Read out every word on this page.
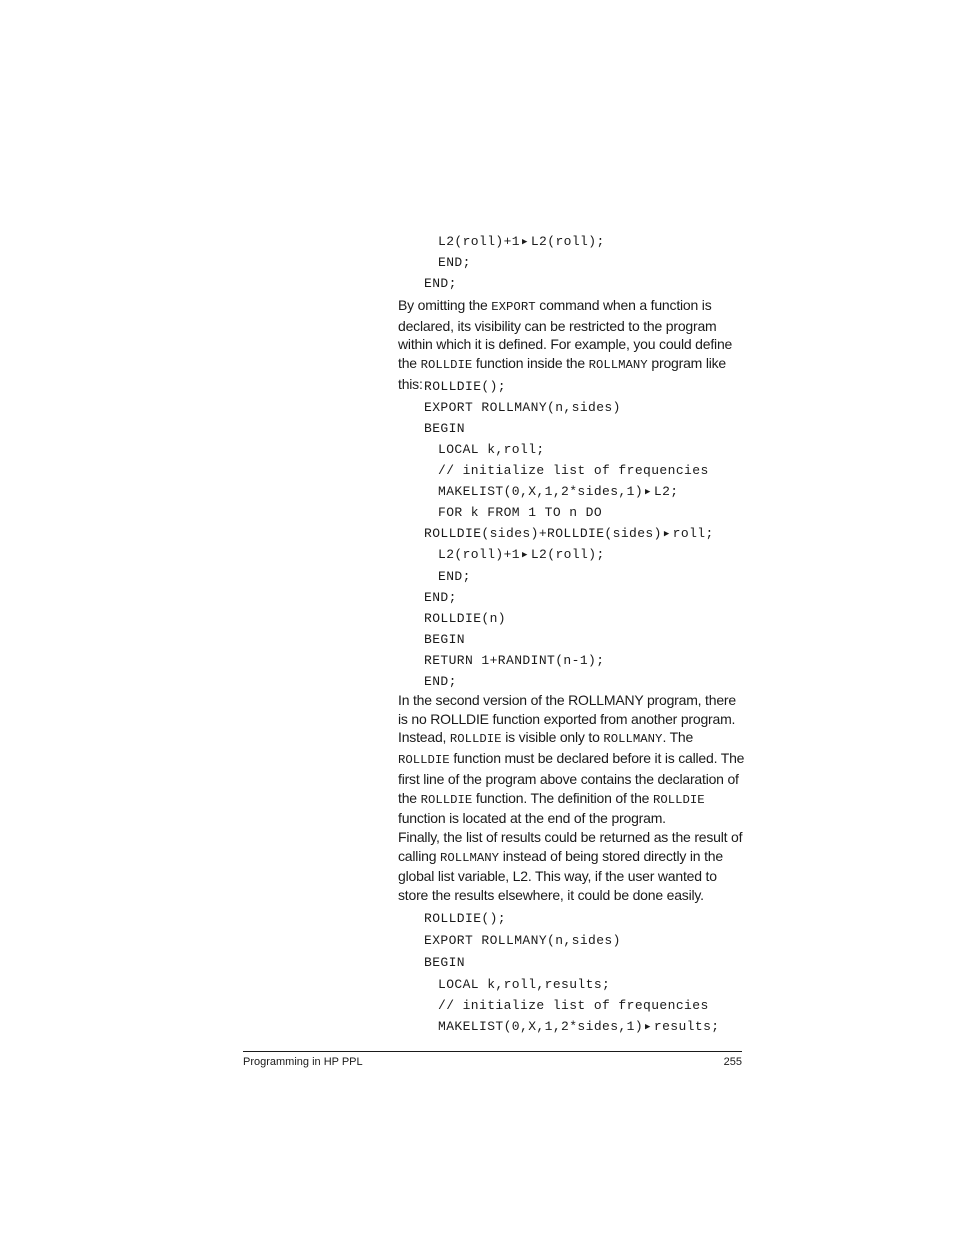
L2(roll)+1 ▶ L2(roll);
END;
END;
By omitting the EXPORT command when a function is declared, its visibility can be restricted to the program within which it is defined. For example, you could define the ROLLDIE function inside the ROLLMANY program like this: ROLLDIE();
EXPORT ROLLMANY(n,sides)
BEGIN
LOCAL k,roll;
// initialize list of frequencies
MAKELIST(0,X,1,2*sides,1) ▶ L2;
FOR k FROM 1 TO n DO
ROLLDIE(sides)+ROLLDIE(sides) ▶ roll;
L2(roll)+1 ▶ L2(roll);
END;
END;
ROLLDIE(n)
BEGIN
RETURN 1+RANDINT(n-1);
END;
In the second version of the ROLLMANY program, there is no ROLLDIE function exported from another program. Instead, ROLLDIE is visible only to ROLLMANY. The ROLLDIE function must be declared before it is called. The first line of the program above contains the declaration of the ROLLDIE function. The definition of the ROLLDIE function is located at the end of the program.
Finally, the list of results could be returned as the result of calling ROLLMANY instead of being stored directly in the global list variable, L2. This way, if the user wanted to store the results elsewhere, it could be done easily.
ROLLDIE();
EXPORT ROLLMANY(n,sides)
BEGIN
LOCAL k,roll,results;
// initialize list of frequencies
MAKELIST(0,X,1,2*sides,1) ▶ results;
Programming in HP PPL	255
